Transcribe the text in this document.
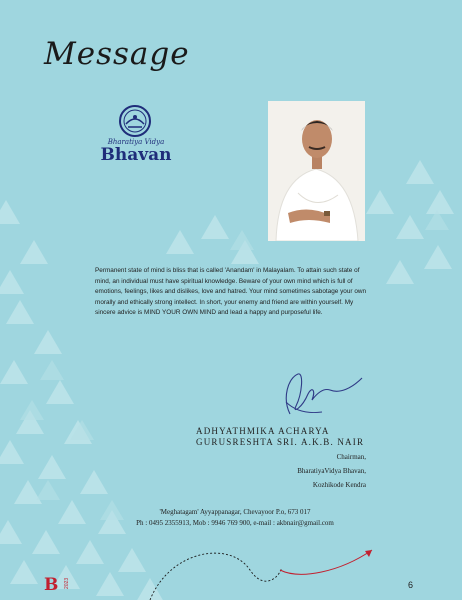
Message
Bharatiya Vidya
Bhavan

Permanent state of mind is bliss that is called 'Anandam' in Malayalam. To attain such state of mind, an individual must have spiritual knowledge. Beware of your own mind which is full of emotions, feelings, likes and dislikes, love and hatred. Your mind sometimes sabotage your own morally and ethically strong intellect. In short, your enemy and friend are within yourself. My sincere advice is MIND YOUR OWN MIND and lead a happy and purposeful life.

ADHYATHMIKA ACHARYA
GURUSRESHTA SRI. A.K.B. NAIR
Chairman,
BharatiyaVidya Bhavan,
Kozhikode Kendra
'Meghatagam' Ayyappanagar, Chevayoor P.o, 673 017
Ph : 0495 2355913, Mob : 9946 769 900, e-mail : akbnair@gmail.com
B 2023	6
